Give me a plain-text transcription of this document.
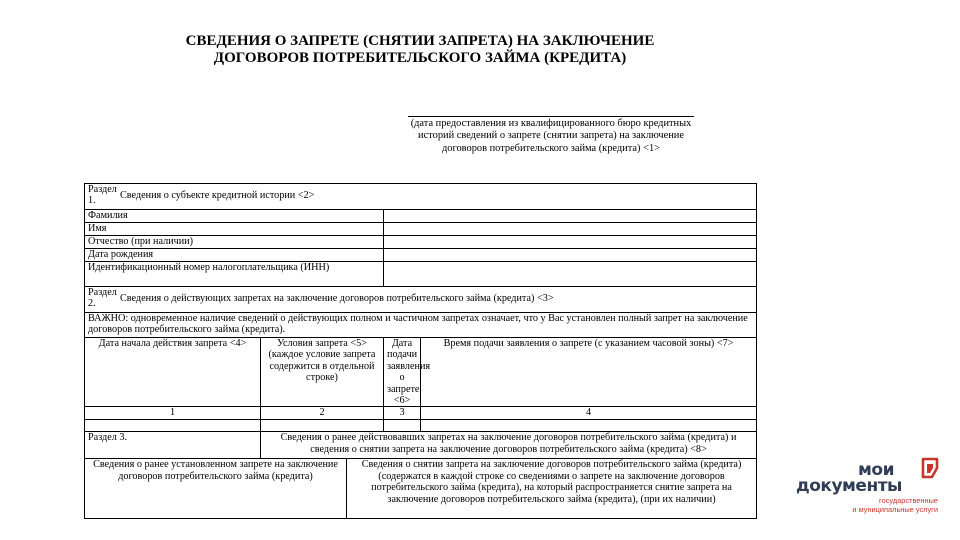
СВЕДЕНИЯ О ЗАПРЕТЕ (СНЯТИИ ЗАПРЕТА) НА ЗАКЛЮЧЕНИЕ
ДОГОВОРОВ ПОТРЕБИТЕЛЬСКОГО ЗАЙМА (КРЕДИТА)
(дата предоставления из квалифицированного бюро кредитных историй сведений о запрете (снятии запрета) на заключение договоров потребительского займа (кредита) <1>
Раздел 1. Сведения о субъекте кредитной истории <2>				
Фамилия				
Имя				
Отчество (при наличии)				
Дата рождения				
Идентификационный номер налогоплательщика (ИНН)				
Раздел 2. Сведения о действующих запретах на заключение договоров потребительского займа (кредита) <3>				
ВАЖНО: одновременное наличие сведений о действующих полном и частичном запретах означает, что у Вас установлен полный запрет на заключение договоров потребительского займа (кредита).				
Дата начала действия запрета <4>	Условия запрета <5> (каждое условие запрета содержится в отдельной строке)		Дата подачи заявления о запрете <6>	Время подачи заявления о запрете (с указанием часовой зоны) <7>
1	2		3	4

Раздел 3.	Сведения о ранее действовавших запретах на заключение договоров потребительского займа (кредита) и сведения о снятии запрета на заключение договоров потребительского займа (кредита) <8>			
Сведения о ранее установленном запрете на заключение договоров потребительского займа (кредита)		Сведения о снятии запрета на заключение договоров потребительского займа (кредита)
(содержатся в каждой строке со сведениями о запрете на заключение договоров потребительского займа (кредита), на который распространяется снятие запрета на заключение договоров потребительского займа (кредита), (при их наличии)		
мои
документы
государственные
и муниципальные услуги
